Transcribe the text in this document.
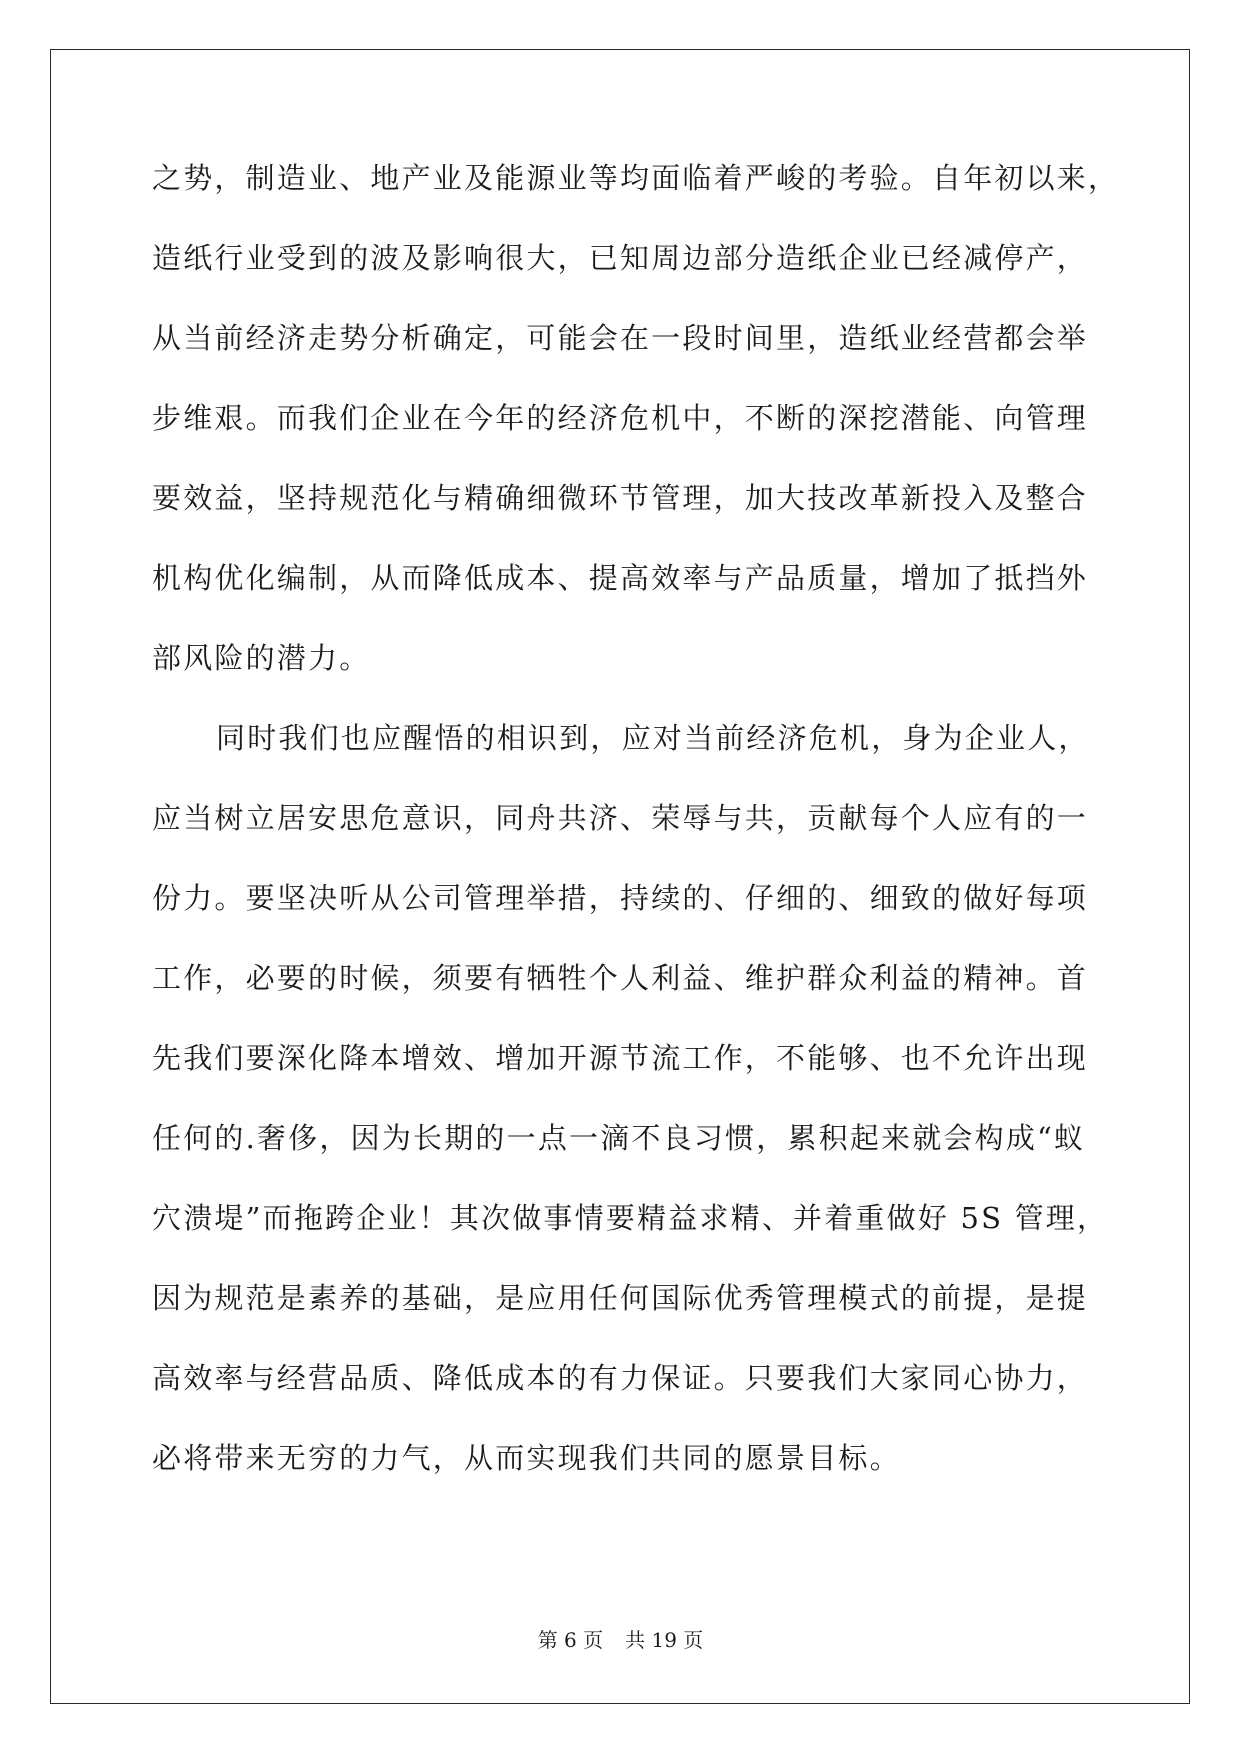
之势，制造业、地产业及能源业等均面临着严峻的考验。自年初以来，
造纸行业受到的波及影响很大，已知周边部分造纸企业已经减停产，
从当前经济走势分析确定，可能会在一段时间里，造纸业经营都会举
步维艰。而我们企业在今年的经济危机中，不断的深挖潜能、向管理
要效益，坚持规范化与精确细微环节管理，加大技改革新投入及整合
机构优化编制，从而降低成本、提高效率与产品质量，增加了抵挡外
部风险的潜力。
同时我们也应醒悟的相识到，应对当前经济危机，身为企业人，
应当树立居安思危意识，同舟共济、荣辱与共，贡献每个人应有的一
份力。要坚决听从公司管理举措，持续的、仔细的、细致的做好每项
工作，必要的时候，须要有牺牲个人利益、维护群众利益的精神。首
先我们要深化降本增效、增加开源节流工作，不能够、也不允许出现
任何的.奢侈，因为长期的一点一滴不良习惯，累积起来就会构成“蚁
穴溃堤”而拖跨企业！其次做事情要精益求精、并着重做好 5S 管理，
因为规范是素养的基础，是应用任何国际优秀管理模式的前提，是提
高效率与经营品质、降低成本的有力保证。只要我们大家同心协力，
必将带来无穷的力气，从而实现我们共同的愿景目标。
第 6 页 共 19 页
